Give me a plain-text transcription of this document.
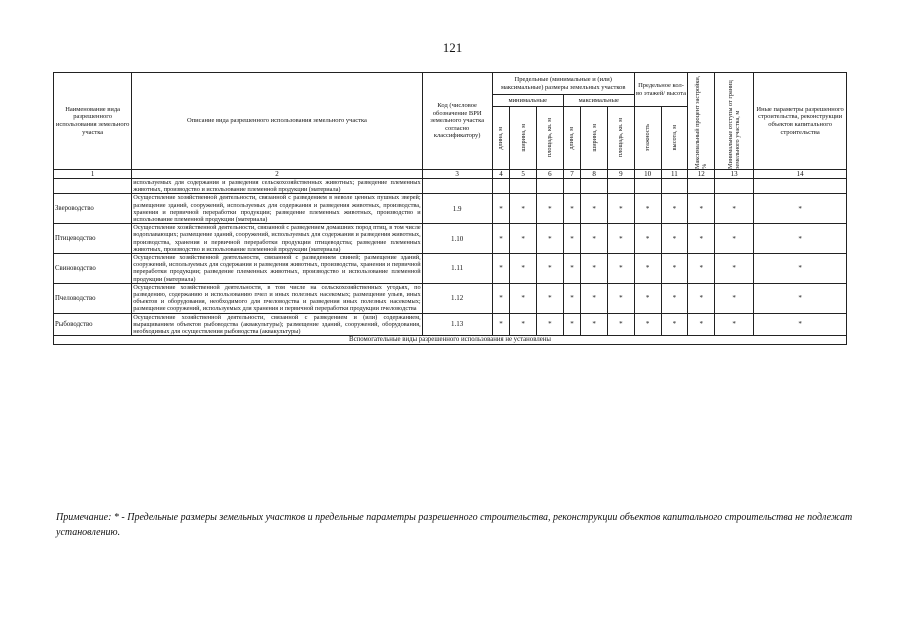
121
Наименование вида разрешенного использования земельного участка	Описание вида разрешенного использования земельного участка	Код (числовое обозначение ВРИ земельного участка согласно классификатору)	Предельные (минимальные и (или) максимальные) размеры земельных участков						Предельное кол-во этажей/ высота		Максимальный процент застройки, %	Минимальные отступы от границ земельного участка, м	Иные параметры разрешенного строительства, реконструкции объектов капитального строительства
			минимальные			максимальные							

			длина, м	ширина, м	площадь, кв. м	длина, м	ширина, м	площадь, кв. м	этажность	высота, м			

1	2	3	4	5	6	7	8	9	10	11	12	13	14
	используемых для содержания и разведения сельскохозяйственных животных; разведение племенных животных, производство и использование племенной продукции (материала)												
Звероводство	Осуществление хозяйственной деятельности, связанной с разведением в неволе ценных пушных зверей; размещение зданий, сооружений, используемых для содержания и разведения животных, производства, хранения и первичной переработки продукции; разведение племенных животных, производство и использование племенной продукции (материала)	1.9	*	*	*	*	*	*	*	*	*	*	*
Птицеводство	Осуществление хозяйственной деятельности, связанной с разведением домашних пород птиц, в том числе водоплавающих; размещение зданий, сооружений, используемых для содержания и разведения животных, производства, хранения и первичной переработки продукции птицеводства; разведение племенных животных, производство и использование племенной продукции (материала)	1.10	*	*	*	*	*	*	*	*	*	*	*
Свиноводство	Осуществление хозяйственной деятельности, связанной с разведением свиней; размещение зданий, сооружений, используемых для содержания и разведения животных, производства, хранения и первичной переработки продукции; разведение племенных животных, производство и использование племенной продукции (материала)	1.11	*	*	*	*	*	*	*	*	*	*	*
Пчеловодство	Осуществление хозяйственной деятельности, в том числе на сельскохозяйственных угодьях, по разведению, содержанию и использованию пчел и иных полезных насекомых; размещение ульев, иных объектов и оборудования, необходимого для пчеловодства и разведения иных полезных насекомых; размещение сооружений, используемых для хранения и первичной переработки продукции пчеловодства	1.12	*	*	*	*	*	*	*	*	*	*	*
Рыбоводство	Осуществление хозяйственной деятельности, связанной с разведением и (или) содержанием, выращиванием объектов рыбоводства (аквакультуры); размещение зданий, сооружений, оборудования, необходимых для осуществления рыбоводства (аквакультуры)	1.13	*	*	*	*	*	*	*	*	*	*	*
Вспомогательные виды разрешенного использования не установлены													
Примечание: * - Предельные размеры земельных участков и предельные параметры разрешенного строительства, реконструкции объектов капитального строительства не подлежат установлению.
